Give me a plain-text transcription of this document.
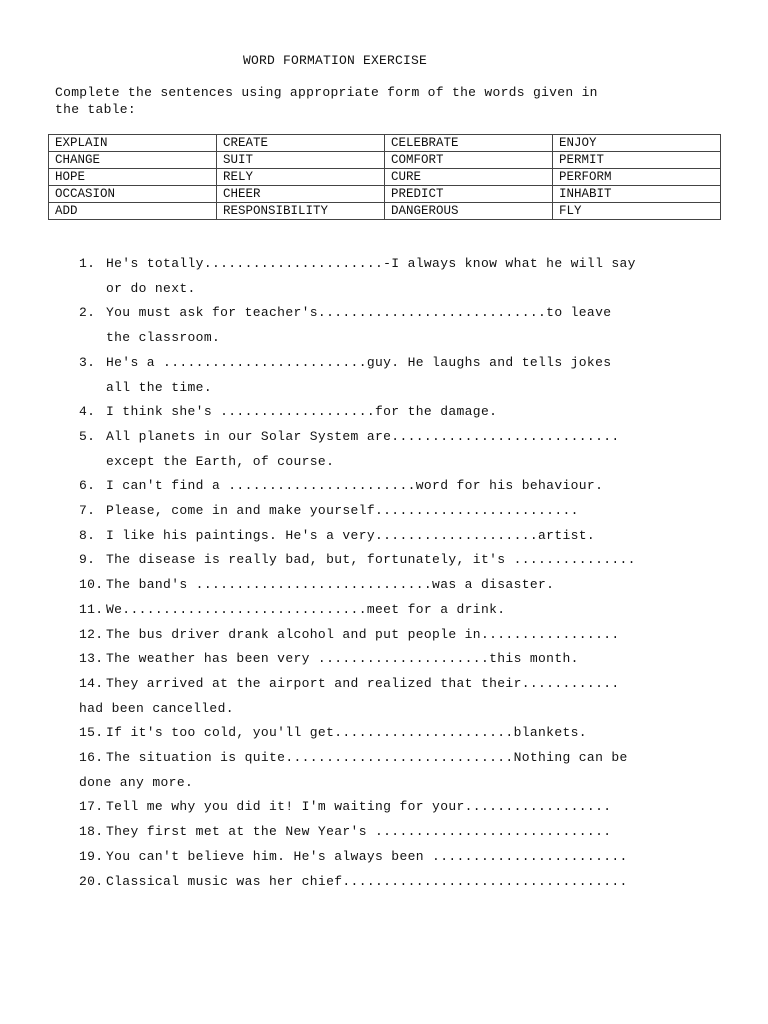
WORD FORMATION EXERCISE
Complete the sentences using appropriate form of the words given in
the table:
EXPLAIN	CREATE	CELEBRATE	ENJOY
CHANGE	SUIT	COMFORT	PERMIT
HOPE	RELY	CURE	PERFORM
OCCASION	CHEER	PREDICT	INHABIT
ADD	RESPONSIBILITY	DANGEROUS	FLY
1. He's totally......................-I always know what he will say
or do next.
2. You must ask for teacher's............................to leave
the classroom.
3. He's a .........................guy. He laughs and tells jokes
all the time.
4. I think she's ...................for the damage.
5. All planets in our Solar System are............................
except the Earth, of course.
6. I can't find a .......................word for his behaviour.
7. Please, come in and make yourself.........................
8. I like his paintings. He's a very....................artist.
9. The disease is really bad, but, fortunately, it's ...............
10. The band's .............................was a disaster.
11. We..............................meet for a drink.
12. The bus driver drank alcohol and put people in.................
13. The weather has been very .....................this month.
14. They arrived at the airport and realized that their............
had been cancelled.
15. If it's too cold, you'll get......................blankets.
16. The situation is quite............................Nothing can be
done any more.
17. Tell me why you did it! I'm waiting for your..................
18. They first met at the New Year's .............................
19. You can't believe him. He's always been ........................
20. Classical music was her chief...................................
